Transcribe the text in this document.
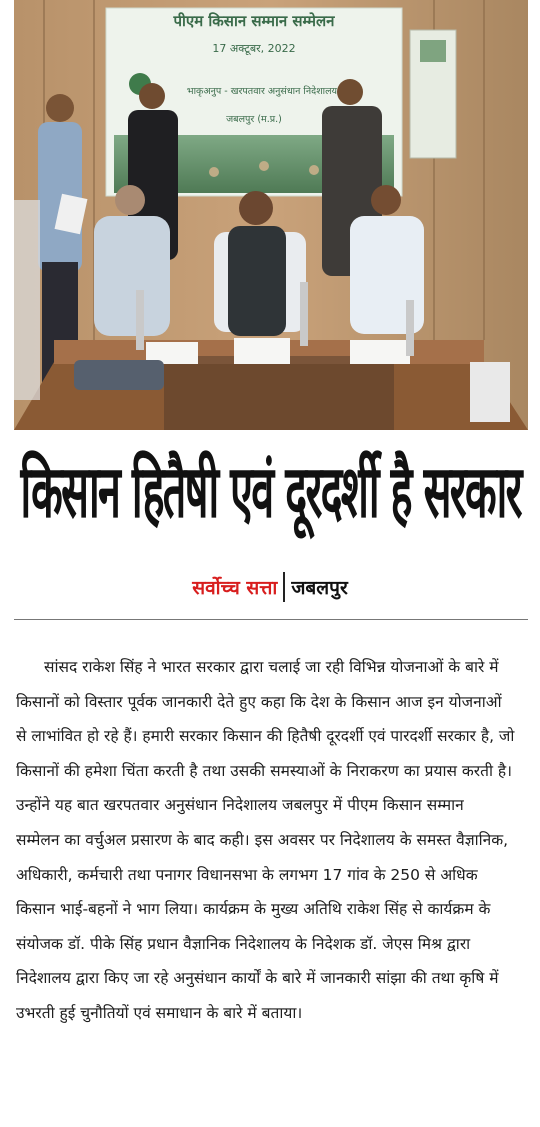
पीएम किसान सम्मान सम्मेलन
17 अक्टूबर, 2022
भाकृअनुप - खरपतवार अनुसंधान निदेशालय
जबलपुर (म.प्र.)
किसान हितैषी एवं दूरदर्शी है सरकार
सर्वोच्च सत्ता जबलपुर
सांसद राकेश सिंह ने भारत सरकार द्वारा चलाई जा रही विभिन्न योजनाओं के बारे में
किसानों को विस्तार पूर्वक जानकारी देते हुए कहा कि देश के किसान आज इन योजनाओं
से लाभांवित हो रहे हैं। हमारी सरकार किसान की हितैषी दूरदर्शी एवं पारदर्शी सरकार है, जो
किसानों की हमेशा चिंता करती है तथा उसकी समस्याओं के निराकरण का प्रयास करती है।
उन्होंने यह बात खरपतवार अनुसंधान निदेशालय जबलपुर में पीएम किसान सम्मान
सम्मेलन का वर्चुअल प्रसारण के बाद कही। इस अवसर पर निदेशालय के समस्त वैज्ञानिक,
अधिकारी, कर्मचारी तथा पनागर विधानसभा के लगभग 17 गांव के 250 से अधिक
किसान भाई-बहनों ने भाग लिया। कार्यक्रम के मुख्य अतिथि राकेश सिंह से कार्यक्रम के
संयोजक डॉ. पीके सिंह प्रधान वैज्ञानिक निदेशालय के निदेशक डॉ. जेएस मिश्र द्वारा
निदेशालय द्वारा किए जा रहे अनुसंधान कार्यों के बारे में जानकारी सांझा की तथा कृषि में
उभरती हुई चुनौतियों एवं समाधान के बारे में बताया।
